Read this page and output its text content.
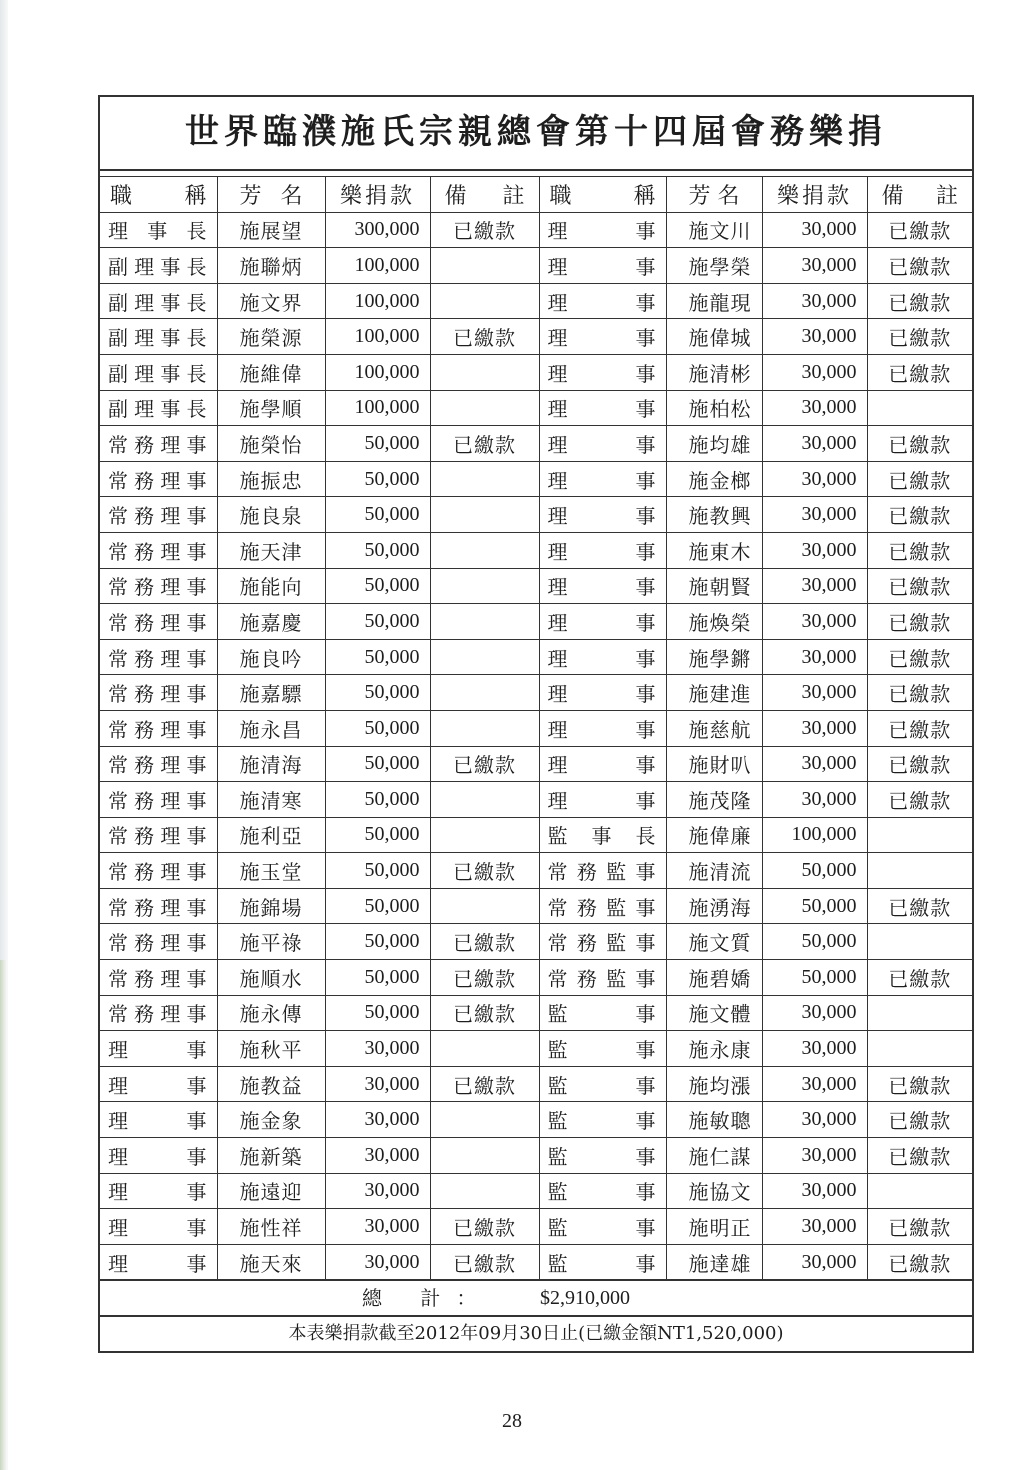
世界臨濮施氏宗親總會第十四屆會務樂捐
職稱	芳名	樂捐款	備註	職稱	芳名	樂捐款	備註
理事長	施展望	300,000	已繳款	理事	施文川	30,000	已繳款
副理事長	施聯炳	100,000		理事	施學榮	30,000	已繳款
副理事長	施文界	100,000		理事	施龍現	30,000	已繳款
副理事長	施榮源	100,000	已繳款	理事	施偉城	30,000	已繳款
副理事長	施維偉	100,000		理事	施清彬	30,000	已繳款
副理事長	施學順	100,000		理事	施柏松	30,000	
常務理事	施榮怡	50,000	已繳款	理事	施均雄	30,000	已繳款
常務理事	施振忠	50,000		理事	施金榔	30,000	已繳款
常務理事	施良泉	50,000		理事	施教興	30,000	已繳款
常務理事	施天津	50,000		理事	施東木	30,000	已繳款
常務理事	施能向	50,000		理事	施朝賢	30,000	已繳款
常務理事	施嘉慶	50,000		理事	施煥榮	30,000	已繳款
常務理事	施良吟	50,000		理事	施學鏘	30,000	已繳款
常務理事	施嘉驃	50,000		理事	施建進	30,000	已繳款
常務理事	施永昌	50,000		理事	施慈航	30,000	已繳款
常務理事	施清海	50,000	已繳款	理事	施財叭	30,000	已繳款
常務理事	施清寒	50,000		理事	施茂隆	30,000	已繳款
常務理事	施利亞	50,000		監事長	施偉廉	100,000	
常務理事	施玉堂	50,000	已繳款	常務監事	施清流	50,000	
常務理事	施錦場	50,000		常務監事	施湧海	50,000	已繳款
常務理事	施平祿	50,000	已繳款	常務監事	施文質	50,000	
常務理事	施順水	50,000	已繳款	常務監事	施碧嬌	50,000	已繳款
常務理事	施永傳	50,000	已繳款	監事	施文體	30,000	
理事	施秋平	30,000		監事	施永康	30,000	
理事	施教益	30,000	已繳款	監事	施均漲	30,000	已繳款
理事	施金象	30,000		監事	施敏聰	30,000	已繳款
理事	施新築	30,000		監事	施仁謀	30,000	已繳款
理事	施遠迎	30,000		監事	施協文	30,000	
理事	施性祥	30,000	已繳款	監事	施明正	30,000	已繳款
理事	施天來	30,000	已繳款	監事	施達雄	30,000	已繳款
總 計： $2,910,000
本表樂捐款截至2012年09月30日止(已繳金額NT1,520,000)
28
